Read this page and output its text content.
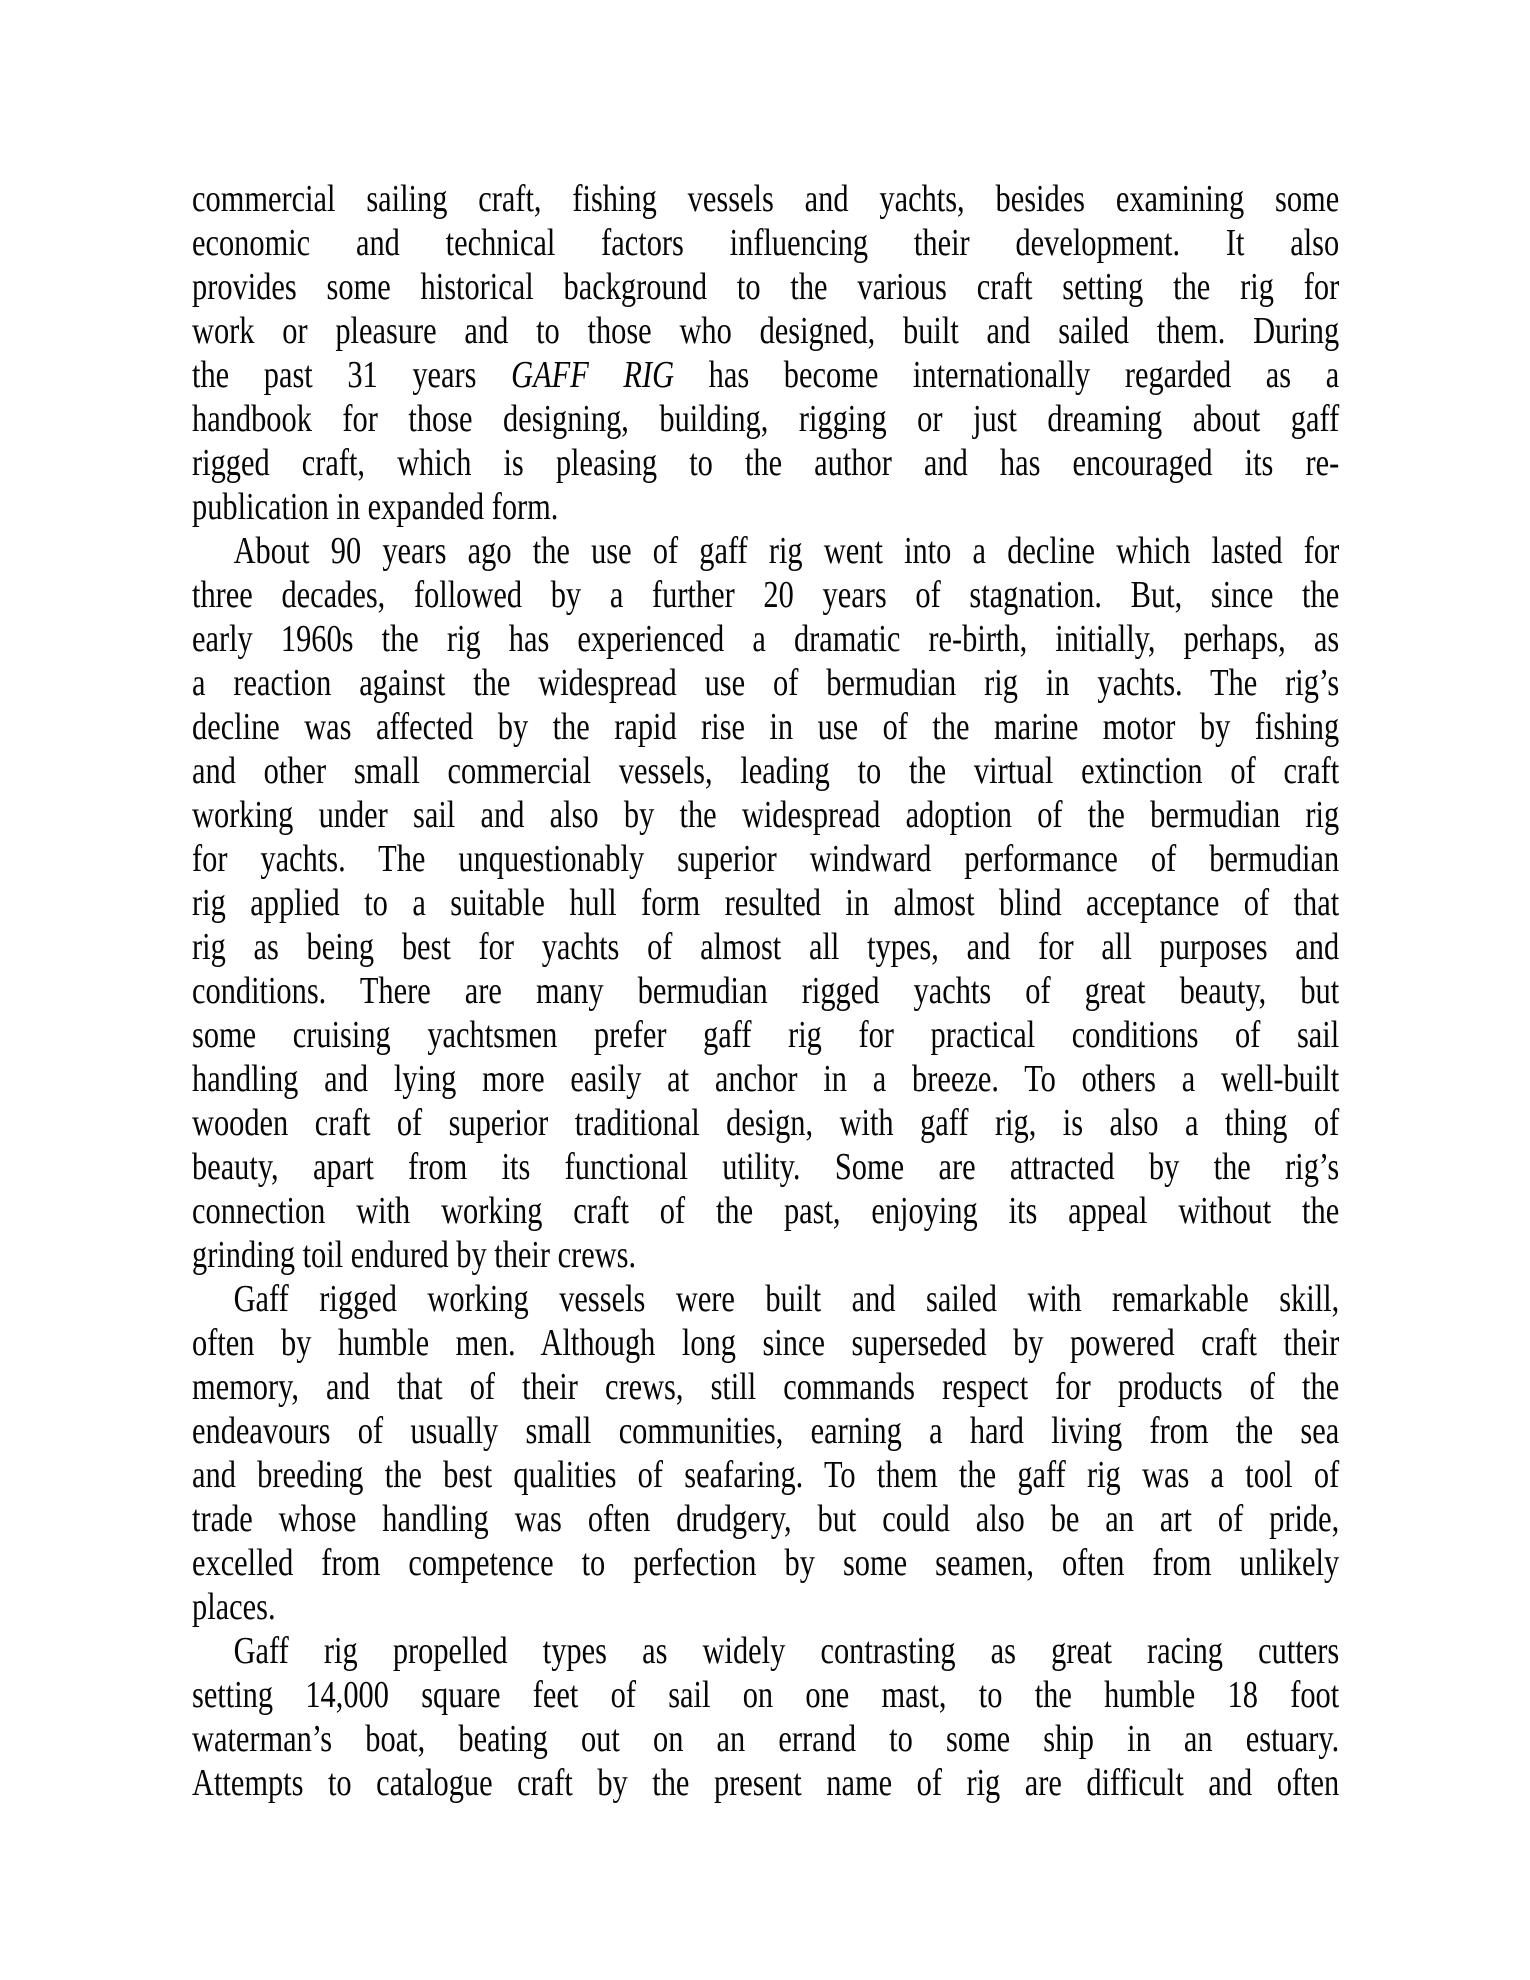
commercial sailing craft, fishing vessels and yachts, besides examining some
economic and technical factors influencing their development. It also
provides some historical background to the various craft setting the rig for
work or pleasure and to those who designed, built and sailed them. During
the past 31 years GAFF RIG has become internationally regarded as a
handbook for those designing, building, rigging or just dreaming about gaff
rigged craft, which is pleasing to the author and has encouraged its re-
publication in expanded form.
About 90 years ago the use of gaff rig went into a decline which lasted for
three decades, followed by a further 20 years of stagnation. But, since the
early 1960s the rig has experienced a dramatic re-birth, initially, perhaps, as
a reaction against the widespread use of bermudian rig in yachts. The rig’s
decline was affected by the rapid rise in use of the marine motor by fishing
and other small commercial vessels, leading to the virtual extinction of craft
working under sail and also by the widespread adoption of the bermudian rig
for yachts. The unquestionably superior windward performance of bermudian
rig applied to a suitable hull form resulted in almost blind acceptance of that
rig as being best for yachts of almost all types, and for all purposes and
conditions. There are many bermudian rigged yachts of great beauty, but
some cruising yachtsmen prefer gaff rig for practical conditions of sail
handling and lying more easily at anchor in a breeze. To others a well-built
wooden craft of superior traditional design, with gaff rig, is also a thing of
beauty, apart from its functional utility. Some are attracted by the rig’s
connection with working craft of the past, enjoying its appeal without the
grinding toil endured by their crews.
Gaff rigged working vessels were built and sailed with remarkable skill,
often by humble men. Although long since superseded by powered craft their
memory, and that of their crews, still commands respect for products of the
endeavours of usually small communities, earning a hard living from the sea
and breeding the best qualities of seafaring. To them the gaff rig was a tool of
trade whose handling was often drudgery, but could also be an art of pride,
excelled from competence to perfection by some seamen, often from unlikely
places.
Gaff rig propelled types as widely contrasting as great racing cutters
setting 14,000 square feet of sail on one mast, to the humble 18 foot
waterman’s boat, beating out on an errand to some ship in an estuary.
Attempts to catalogue craft by the present name of rig are difficult and often
